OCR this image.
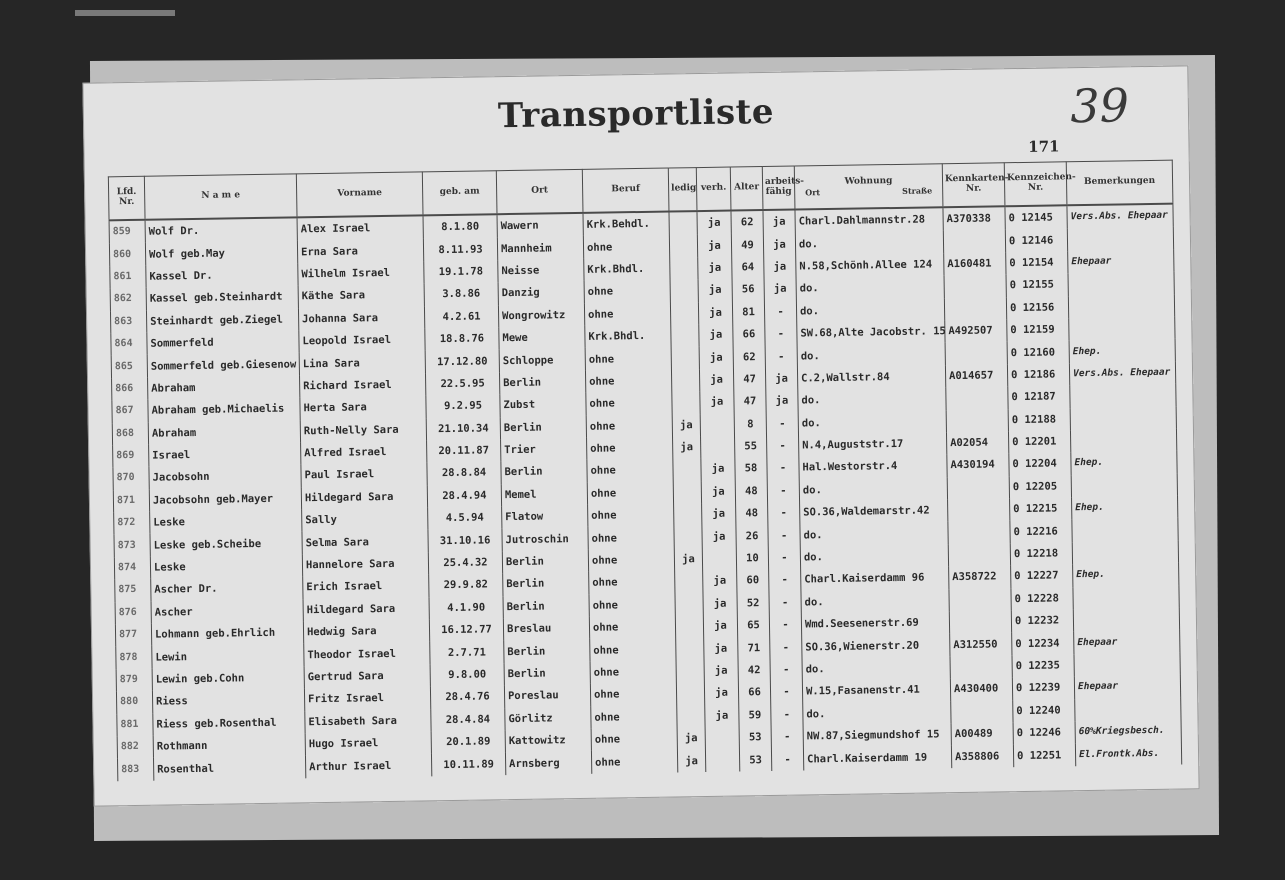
Transportliste	39
171
Lfd. Nr.	N a m e	Vorname	geb. am	Ort	Beruf	ledig	verh.	Alter	arbeits-fähig	Wohnung
Ort Straße	Kennkarten-Nr.	Kennzeichen-Nr.	Bemerkungen
859	Wolf Dr.	Alex Israel	8.1.80	Wawern	Krk.Behdl.		ja	62	ja	Charl.Dahlmannstr.28	A370338	0 12145	Vers.Abs. Ehepaar
860	Wolf geb.May	Erna Sara	8.11.93	Mannheim	ohne		ja	49	ja	do.		0 12146	
861	Kassel Dr.	Wilhelm Israel	19.1.78	Neisse	Krk.Bhdl.		ja	64	ja	N.58,Schönh.Allee 124	A160481	0 12154	Ehepaar
862	Kassel geb.Steinhardt	Käthe Sara	3.8.86	Danzig	ohne		ja	56	ja	do.		0 12155	
863	Steinhardt geb.Ziegel	Johanna Sara	4.2.61	Wongrowitz	ohne		ja	81	-	do.		0 12156	
864	Sommerfeld	Leopold Israel	18.8.76	Mewe	Krk.Bhdl.		ja	66	-	SW.68,Alte Jacobstr. 15	A492507	0 12159	
865	Sommerfeld geb.Giesenow	Lina Sara	17.12.80	Schloppe	ohne		ja	62	-	do.		0 12160	Ehep.
866	Abraham	Richard Israel	22.5.95	Berlin	ohne		ja	47	ja	C.2,Wallstr.84	A014657	0 12186	Vers.Abs. Ehepaar
867	Abraham geb.Michaelis	Herta Sara	9.2.95	Zubst	ohne		ja	47	ja	do.		0 12187	
868	Abraham	Ruth-Nelly Sara	21.10.34	Berlin	ohne	ja		8	-	do.		0 12188	
869	Israel	Alfred Israel	20.11.87	Trier	ohne	ja		55	-	N.4,Auguststr.17	A02054	0 12201	
870	Jacobsohn	Paul Israel	28.8.84	Berlin	ohne		ja	58	-	Hal.Westorstr.4	A430194	0 12204	Ehep.
871	Jacobsohn geb.Mayer	Hildegard Sara	28.4.94	Memel	ohne		ja	48	-	do.		0 12205	
872	Leske	Sally	4.5.94	Flatow	ohne		ja	48	-	SO.36,Waldemarstr.42		0 12215	Ehep.
873	Leske geb.Scheibe	Selma Sara	31.10.16	Jutroschin	ohne		ja	26	-	do.		0 12216	
874	Leske	Hannelore Sara	25.4.32	Berlin	ohne	ja		10	-	do.		0 12218	
875	Ascher Dr.	Erich Israel	29.9.82	Berlin	ohne		ja	60	-	Charl.Kaiserdamm 96	A358722	0 12227	Ehep.
876	Ascher	Hildegard Sara	4.1.90	Berlin	ohne		ja	52	-	do.		0 12228	
877	Lohmann geb.Ehrlich	Hedwig Sara	16.12.77	Breslau	ohne		ja	65	-	Wmd.Seesenerstr.69		0 12232	
878	Lewin	Theodor Israel	2.7.71	Berlin	ohne		ja	71	-	SO.36,Wienerstr.20	A312550	0 12234	Ehepaar
879	Lewin geb.Cohn	Gertrud Sara	9.8.00	Berlin	ohne		ja	42	-	do.		0 12235	
880	Riess	Fritz Israel	28.4.76	Poreslau	ohne		ja	66	-	W.15,Fasanenstr.41	A430400	0 12239	Ehepaar
881	Riess geb.Rosenthal	Elisabeth Sara	28.4.84	Görlitz	ohne		ja	59	-	do.		0 12240	
882	Rothmann	Hugo Israel	20.1.89	Kattowitz	ohne	ja		53	-	NW.87,Siegmundshof 15	A00489	0 12246	60%Kriegsbesch.
883	Rosenthal	Arthur Israel	10.11.89	Arnsberg	ohne	ja		53	-	Charl.Kaiserdamm 19	A358806	0 12251	El.Frontk.Abs.
